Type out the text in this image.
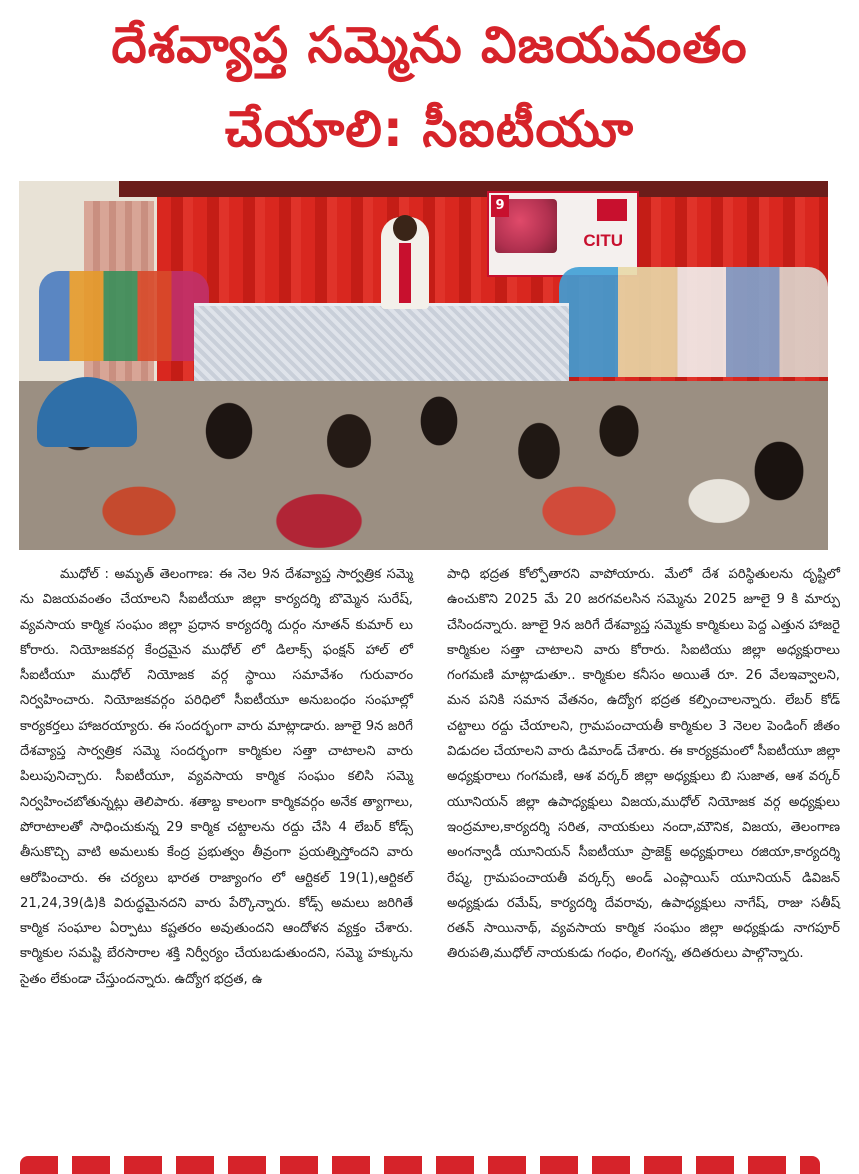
దేశవ్యాప్త సమ్మెను విజయవంతం
చేయాలి: సీఐటీయూ
9
CITU

ముధోల్ : అమృత్ తెలంగాణ: ఈ నెల 9న దేశవ్యాప్త సార్వత్రిక సమ్మె ను విజయవంతం చేయాలని సీఐటీయూ జిల్లా కార్యదర్శి బొమ్మెన సురేష్, వ్యవసాయ కార్మిక సంఘం జిల్లా ప్రధాన కార్యదర్శి దుర్గం నూతన్ కుమార్ లు కోరారు. నియోజకవర్గ కేంద్రమైన ముధోల్ లో డిలాక్స్ ఫంక్షన్ హాల్ లో సీఐటీయూ ముధోల్ నియోజక వర్గ స్థాయి సమావేశం గురువారం నిర్వహించారు. నియోజకవర్గం పరిధిలో సీఐటీయూ అనుబంధం సంఘాల్లో కార్యకర్తలు హాజరయ్యారు. ఈ సందర్భంగా వారు మాట్లాడారు. జూలై 9న జరిగే దేశవ్యాప్త సార్వత్రిక సమ్మె సందర్భంగా కార్మికుల సత్తా చాటాలని వారు పిలుపునిచ్చారు. సీఐటీయూ, వ్యవసాయ కార్మిక సంఘం కలిసి సమ్మె నిర్వహించబోతున్నట్లు తెలిపారు. శతాబ్ద కాలంగా కార్మికవర్గం అనేక త్యాగాలు, పోరాటాలతో సాధించుకున్న 29 కార్మిక చట్టాలను రద్దు చేసి 4 లేబర్ కోడ్స్ తీసుకొచ్చి వాటి అమలుకు కేంద్ర ప్రభుత్వం తీవ్రంగా ప్రయత్నిస్తోందని వారు ఆరోపించారు. ఈ చర్యలు భారత రాజ్యాంగం లో ఆర్టికల్ 19(1),ఆర్టికల్ 21,24,39(డి)కి విరుద్ధమైనదని వారు పేర్కొన్నారు. కోడ్స్ అమలు జరిగితే కార్మిక సంఘాల ఏర్పాటు కష్టతరం అవుతుందని ఆందోళన వ్యక్తం చేశారు. కార్మికుల సమష్టి బేరసారాల శక్తి నిర్వీర్యం చేయబడుతుందని, సమ్మె హక్కును సైతం లేకుండా చేస్తుందన్నారు. ఉద్యోగ భద్రత, ఉ

పాధి భద్రత కోల్పోతారని వాపోయారు. మేలో దేశ పరిస్థితులను దృష్టిలో ఉంచుకొని 2025 మే 20 జరగవలసిన సమ్మెను 2025 జూలై 9 కి మార్పు చేసిందన్నారు. జూలై 9న జరిగే దేశవ్యాప్త సమ్మెకు కార్మికులు పెద్ద ఎత్తున హాజరై కార్మికుల సత్తా చాటాలని వారు కోరారు. సిఐటియు జిల్లా అధ్యక్షురాలు గంగమణి మాట్లాడుతూ.. కార్మికుల కనీసం అయితే రూ. 26 వేలఇవ్వాలని, మన పనికి సమాన వేతనం, ఉద్యోగ భద్రత కల్పించాలన్నారు. లేబర్ కోడ్ చట్టాలు రద్దు చేయాలని, గ్రామపంచాయతీ కార్మికుల 3 నెలల పెండింగ్ జీతం విడుదల చేయాలని వారు డిమాండ్ చేశారు. ఈ కార్యక్రమంలో సీఐటీయూ జిల్లా అధ్యక్షురాలు గంగమణి, ఆశ వర్కర్ జిల్లా అధ్యక్షులు బి సుజాత, ఆశ వర్కర్ యూనియన్ జిల్లా ఉపాధ్యక్షులు విజయ,ముధోల్ నియోజక వర్గ అధ్యక్షులు ఇంద్రమాల,కార్యదర్శి సరిత, నాయకులు నందా,మౌనిక, విజయ, తెలంగాణ అంగన్వాడీ యూనియన్ సీఐటీయూ ప్రాజెక్ట్ అధ్యక్షురాలు రజియా,కార్యదర్శి రేష్మ, గ్రామపంచాయతీ వర్కర్స్ అండ్ ఎంప్లాయిస్ యూనియన్ డివిజన్ అధ్యక్షుడు రమేష్, కార్యదర్శి దేవరావు, ఉపాధ్యక్షులు నాగేష్, రాజు సతీష్ రతన్ సాయినాథ్, వ్యవసాయ కార్మిక సంఘం జిల్లా అధ్యక్షుడు నాగపూర్ తిరుపతి,ముధోల్ నాయకుడు గంధం, లింగన్న, తదితరులు పాల్గొన్నారు.
